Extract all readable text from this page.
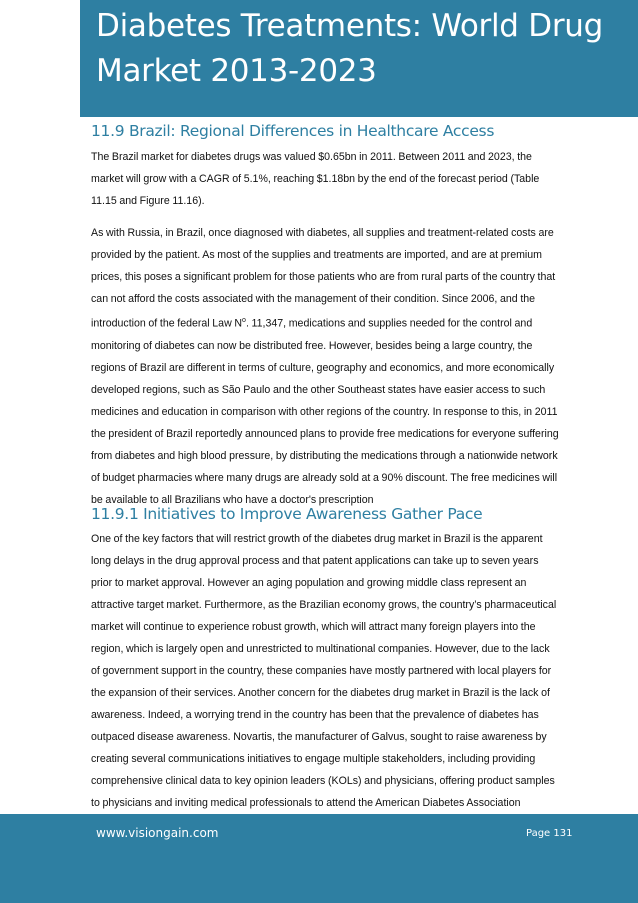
Diabetes Treatments: World Drug Market 2013-2023
11.9 Brazil: Regional Differences in Healthcare Access

The Brazil market for diabetes drugs was valued $0.65bn in 2011. Between 2011 and 2023, the market will grow with a CAGR of 5.1%, reaching $1.18bn by the end of the forecast period (Table 11.15 and Figure 11.16).

As with Russia, in Brazil, once diagnosed with diabetes, all supplies and treatment-related costs are provided by the patient. As most of the supplies and treatments are imported, and are at premium prices, this poses a significant problem for those patients who are from rural parts of the country that can not afford the costs associated with the management of their condition. Since 2006, and the introduction of the federal Law $N^o$. 11,347, medications and supplies needed for the control and monitoring of diabetes can now be distributed free. However, besides being a large country, the regions of Brazil are different in terms of culture, geography and economics, and more economically developed regions, such as São Paulo and the other Southeast states have easier access to such medicines and education in comparison with other regions of the country. In response to this, in 2011 the president of Brazil reportedly announced plans to provide free medications for everyone suffering from diabetes and high blood pressure, by distributing the medications through a nationwide network of budget pharmacies where many drugs are already sold at a 90% discount. The free medicines will be available to all Brazilians who have a doctor's prescription

11.9.1 Initiatives to Improve Awareness Gather Pace

One of the key factors that will restrict growth of the diabetes drug market in Brazil is the apparent long delays in the drug approval process and that patent applications can take up to seven years prior to market approval. However an aging population and growing middle class represent an attractive target market. Furthermore, as the Brazilian economy grows, the country’s pharmaceutical market will continue to experience robust growth, which will attract many foreign players into the region, which is largely open and unrestricted to multinational companies. However, due to the lack of government support in the country, these companies have mostly partnered with local players for the expansion of their services. Another concern for the diabetes drug market in Brazil is the lack of awareness. Indeed, a worrying trend in the country has been that the prevalence of diabetes has outpaced disease awareness. Novartis, the manufacturer of Galvus, sought to raise awareness by creating several communications initiatives to engage multiple stakeholders, including providing comprehensive clinical data to key opinion leaders (KOLs) and physicians, offering product samples to physicians and inviting medical professionals to attend the American Diabetes Association

www.visiongain.com	Page 131
